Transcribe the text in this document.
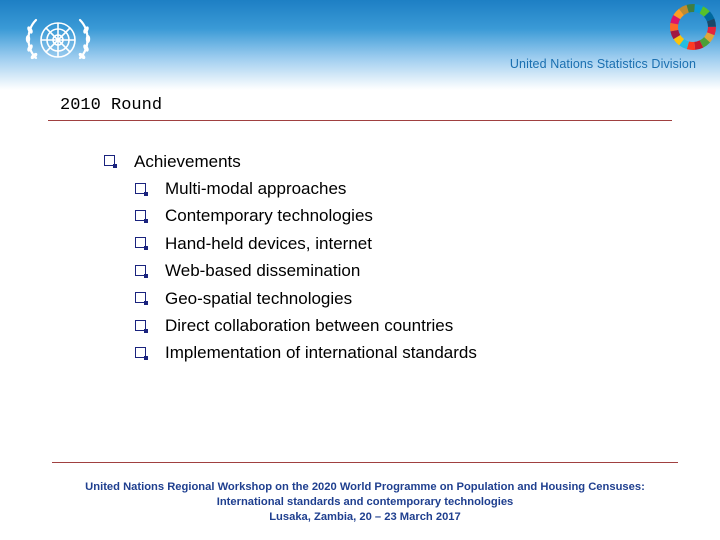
United Nations Statistics Division
2010 Round
Achievements
Multi-modal approaches
Contemporary technologies
Hand-held devices, internet
Web-based dissemination
Geo-spatial technologies
Direct collaboration between countries
Implementation of international standards
United Nations Regional Workshop on the 2020 World Programme on Population and Housing Censuses:
International standards and contemporary technologies
Lusaka, Zambia, 20 – 23 March 2017
